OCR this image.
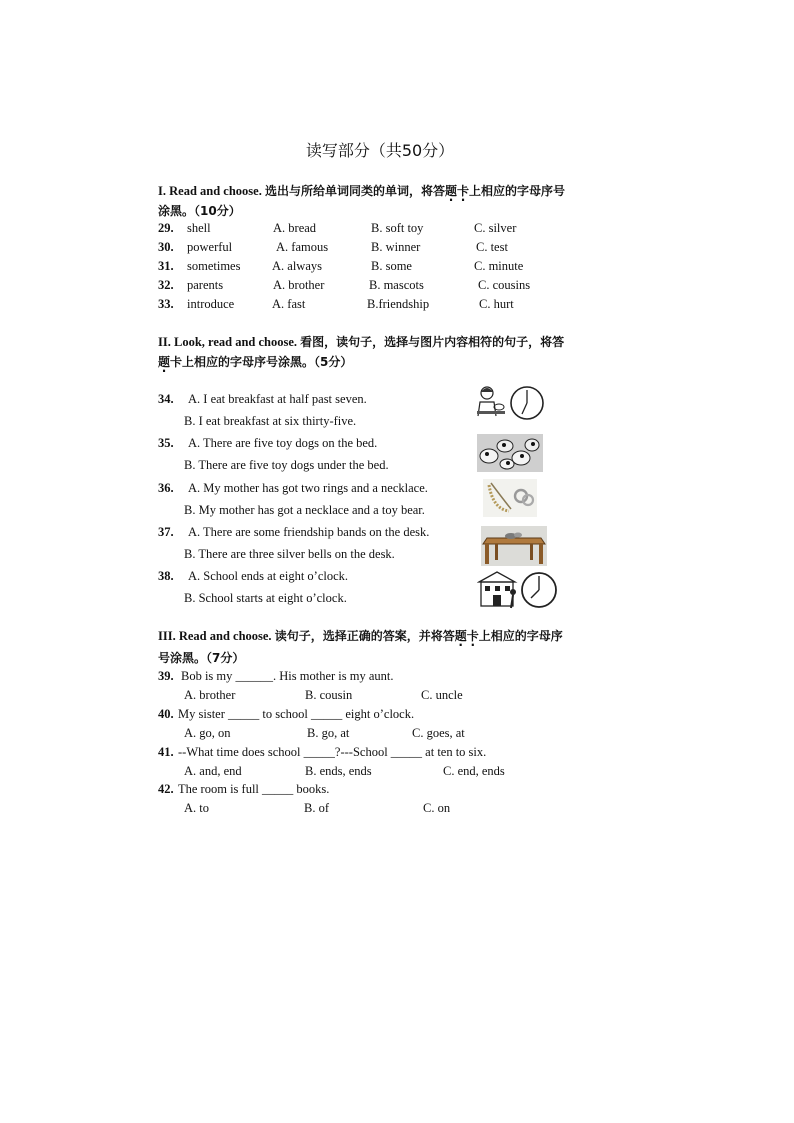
读写部分（共50分）
I. Read and choose. 选出与所给单词同类的单词，将答题卡上相应的字母序号
涂黑。（10分）
29. shell	A. bread	B. soft toy	C. silver
30. powerful	A. famous	B. winner	C. test
31. sometimes	A. always	B. some	C. minute
32. parents	A. brother	B. mascots	C. cousins
33. introduce	A. fast	B.friendship	C. hurt
II. Look, read and choose. 看图，读句子，选择与图片内容相符的句子，将答
题卡上相应的字母序号涂黑。（5分）
34. A. I eat breakfast at half past seven.
B. I eat breakfast at six thirty-five.
35. A. There are five toy dogs on the bed.
B. There are five toy dogs under the bed.
36. A. My mother has got two rings and a necklace.
B. My mother has got a necklace and a toy bear.
37. A. There are some friendship bands on the desk.
B. There are three silver bells on the desk.
38. A. School ends at eight o’clock.
B. School starts at eight o’clock.
III. Read and choose. 读句子，选择正确的答案，并将答题卡上相应的字母序
号涂黑。（7分）
39. Bob is my ______. His mother is my aunt.
A. brother	B. cousin	C. uncle
40. My sister _____ to school _____ eight o’clock.
A. go, on	B. go, at	C. goes, at
41. --What time does school _____?---School _____ at ten to six.
A. and, end	B. ends, ends	C. end, ends
42. The room is full _____ books.
A. to	B. of	C. on
